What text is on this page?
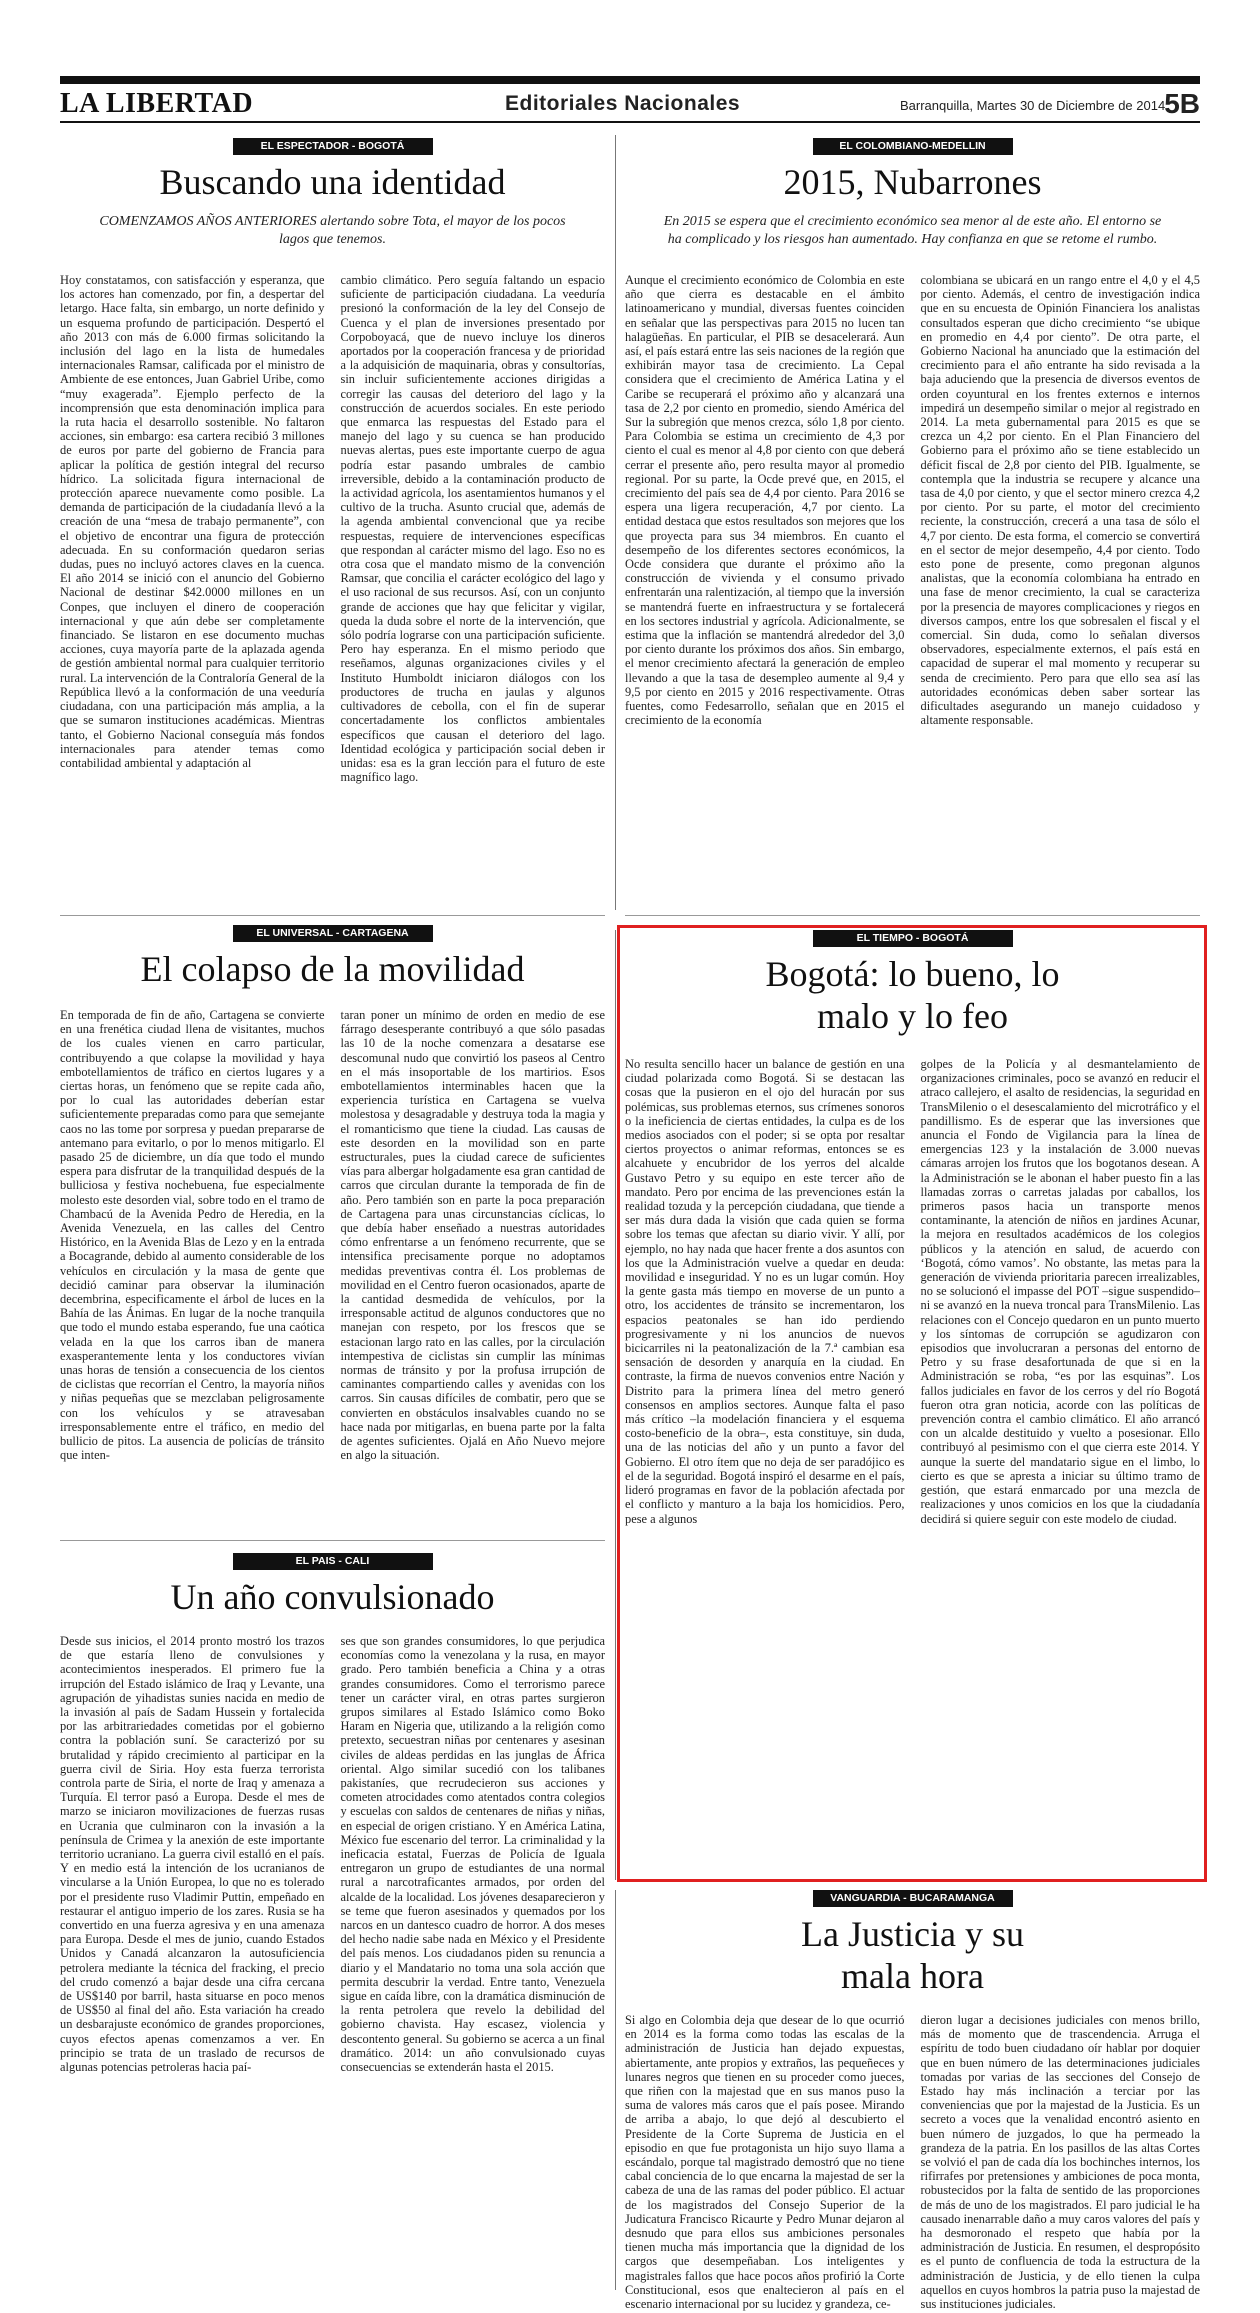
LA LIBERTAD	Editoriales Nacionales	Barranquilla, Martes 30 de Diciembre de 2014 5B
EL ESPECTADOR - BOGOTÁ
Buscando una identidad
COMENZAMOS AÑOS ANTERIORES alertando sobre Tota, el mayor de los pocos lagos que tenemos.
Hoy constatamos, con satisfacción y esperanza, que los actores han comenzado, por fin, a despertar del letargo. Hace falta, sin embargo, un norte definido y un esquema profundo de participación. Despertó el año 2013 con más de 6.000 firmas solicitando la inclusión del lago en la lista de humedales internacionales Ramsar, calificada por el ministro de Ambiente de ese entonces, Juan Gabriel Uribe, como “muy exagerada”. Ejemplo perfecto de la incomprensión que esta denominación implica para la ruta hacia el desarrollo sostenible. No faltaron acciones, sin embargo: esa cartera recibió 3 millones de euros por parte del gobierno de Francia para aplicar la política de gestión integral del recurso hídrico. La solicitada figura internacional de protección aparece nuevamente como posible. La demanda de participación de la ciudadanía llevó a la creación de una “mesa de trabajo permanente”, con el objetivo de encontrar una figura de protección adecuada. En su conformación quedaron serias dudas, pues no incluyó actores claves en la cuenca. El año 2014 se inició con el anuncio del Gobierno Nacional de destinar $42.0000 millones en un Conpes, que incluyen el dinero de cooperación internacional y que aún debe ser completamente financiado. Se listaron en ese documento muchas acciones, cuya mayoría parte de la aplazada agenda de gestión ambiental normal para cualquier territorio rural. La intervención de la Contraloría General de la República llevó a la conformación de una veeduría ciudadana, con una participación más amplia, a la que se sumaron instituciones académicas. Mientras tanto, el Gobierno Nacional conseguía más fondos internacionales para atender temas como contabilidad ambiental y adaptación al
cambio climático. Pero seguía faltando un espacio suficiente de participación ciudadana. La veeduría presionó la conformación de la ley del Consejo de Cuenca y el plan de inversiones presentado por Corpoboyacá, que de nuevo incluye los dineros aportados por la cooperación francesa y de prioridad a la adquisición de maquinaria, obras y consultorías, sin incluir suficientemente acciones dirigidas a corregir las causas del deterioro del lago y la construcción de acuerdos sociales. En este periodo que enmarca las respuestas del Estado para el manejo del lago y su cuenca se han producido nuevas alertas, pues este importante cuerpo de agua podría estar pasando umbrales de cambio irreversible, debido a la contaminación producto de la actividad agrícola, los asentamientos humanos y el cultivo de la trucha. Asunto crucial que, además de la agenda ambiental convencional que ya recibe respuestas, requiere de intervenciones específicas que respondan al carácter mismo del lago. Eso no es otra cosa que el mandato mismo de la convención Ramsar, que concilia el carácter ecológico del lago y el uso racional de sus recursos. Así, con un conjunto grande de acciones que hay que felicitar y vigilar, queda la duda sobre el norte de la intervención, que sólo podría lograrse con una participación suficiente. Pero hay esperanza. En el mismo periodo que reseñamos, algunas organizaciones civiles y el Instituto Humboldt iniciaron diálogos con los productores de trucha en jaulas y algunos cultivadores de cebolla, con el fin de superar concertadamente los conflictos ambientales específicos que causan el deterioro del lago. Identidad ecológica y participación social deben ir unidas: esa es la gran lección para el futuro de este magnífico lago.
EL COLOMBIANO-MEDELLIN
2015, Nubarrones
En 2015 se espera que el crecimiento económico sea menor al de este año. El entorno se ha complicado y los riesgos han aumentado. Hay confianza en que se retome el rumbo.
Aunque el crecimiento económico de Colombia en este año que cierra es destacable en el ámbito latinoamericano y mundial, diversas fuentes coinciden en señalar que las perspectivas para 2015 no lucen tan halagüeñas. En particular, el PIB se desacelerará. Aun así, el país estará entre las seis naciones de la región que exhibirán mayor tasa de crecimiento. La Cepal considera que el crecimiento de América Latina y el Caribe se recuperará el próximo año y alcanzará una tasa de 2,2 por ciento en promedio, siendo América del Sur la subregión que menos crezca, sólo 1,8 por ciento. Para Colombia se estima un crecimiento de 4,3 por ciento el cual es menor al 4,8 por ciento con que deberá cerrar el presente año, pero resulta mayor al promedio regional. Por su parte, la Ocde prevé que, en 2015, el crecimiento del país sea de 4,4 por ciento. Para 2016 se espera una ligera recuperación, 4,7 por ciento. La entidad destaca que estos resultados son mejores que los que proyecta para sus 34 miembros. En cuanto el desempeño de los diferentes sectores económicos, la Ocde considera que durante el próximo año la construcción de vivienda y el consumo privado enfrentarán una ralentización, al tiempo que la inversión se mantendrá fuerte en infraestructura y se fortalecerá en los sectores industrial y agrícola. Adicionalmente, se estima que la inflación se mantendrá alrededor del 3,0 por ciento durante los próximos dos años. Sin embargo, el menor crecimiento afectará la generación de empleo llevando a que la tasa de desempleo aumente al 9,4 y 9,5 por ciento en 2015 y 2016 respectivamente. Otras fuentes, como Fedesarrollo, señalan que en 2015 el crecimiento de la economía
colombiana se ubicará en un rango entre el 4,0 y el 4,5 por ciento. Además, el centro de investigación indica que en su encuesta de Opinión Financiera los analistas consultados esperan que dicho crecimiento “se ubique en promedio en 4,4 por ciento”. De otra parte, el Gobierno Nacional ha anunciado que la estimación del crecimiento para el año entrante ha sido revisada a la baja aduciendo que la presencia de diversos eventos de orden coyuntural en los frentes externos e internos impedirá un desempeño similar o mejor al registrado en 2014. La meta gubernamental para 2015 es que se crezca un 4,2 por ciento. En el Plan Financiero del Gobierno para el próximo año se tiene establecido un déficit fiscal de 2,8 por ciento del PIB. Igualmente, se contempla que la industria se recupere y alcance una tasa de 4,0 por ciento, y que el sector minero crezca 4,2 por ciento. Por su parte, el motor del crecimiento reciente, la construcción, crecerá a una tasa de sólo el 4,7 por ciento. De esta forma, el comercio se convertirá en el sector de mejor desempeño, 4,4 por ciento. Todo esto pone de presente, como pregonan algunos analistas, que la economía colombiana ha entrado en una fase de menor crecimiento, la cual se caracteriza por la presencia de mayores complicaciones y riegos en diversos campos, entre los que sobresalen el fiscal y el comercial. Sin duda, como lo señalan diversos observadores, especialmente externos, el país está en capacidad de superar el mal momento y recuperar su senda de crecimiento. Pero para que ello sea así las autoridades económicas deben saber sortear las dificultades asegurando un manejo cuidadoso y altamente responsable.
EL UNIVERSAL - CARTAGENA
El colapso de la movilidad
En temporada de fin de año, Cartagena se convierte en una frenética ciudad llena de visitantes, muchos de los cuales vienen en carro particular, contribuyendo a que colapse la movilidad y haya embotellamientos de tráfico en ciertos lugares y a ciertas horas, un fenómeno que se repite cada año, por lo cual las autoridades deberían estar suficientemente preparadas como para que semejante caos no las tome por sorpresa y puedan prepararse de antemano para evitarlo, o por lo menos mitigarlo. El pasado 25 de diciembre, un día que todo el mundo espera para disfrutar de la tranquilidad después de la bulliciosa y festiva nochebuena, fue especialmente molesto este desorden vial, sobre todo en el tramo de Chambacú de la Avenida Pedro de Heredia, en la Avenida Venezuela, en las calles del Centro Histórico, en la Avenida Blas de Lezo y en la entrada a Bocagrande, debido al aumento considerable de los vehículos en circulación y la masa de gente que decidió caminar para observar la iluminación decembrina, especificamente el árbol de luces en la Bahía de las Ánimas. En lugar de la noche tranquila que todo el mundo estaba esperando, fue una caótica velada en la que los carros iban de manera exasperantemente lenta y los conductores vivían unas horas de tensión a consecuencia de los cientos de ciclistas que recorrían el Centro, la mayoría niños y niñas pequeñas que se mezclaban peligrosamente con los vehículos y se atravesaban irresponsablemente entre el tráfico, en medio del bullicio de pitos. La ausencia de policías de tránsito que inten-
taran poner un mínimo de orden en medio de ese fárrago desesperante contribuyó a que sólo pasadas las 10 de la noche comenzara a desatarse ese descomunal nudo que convirtió los paseos al Centro en el más insoportable de los martirios. Esos embotellamientos interminables hacen que la experiencia turística en Cartagena se vuelva molestosa y desagradable y destruya toda la magia y el romanticismo que tiene la ciudad. Las causas de este desorden en la movilidad son en parte estructurales, pues la ciudad carece de suficientes vías para albergar holgadamente esa gran cantidad de carros que circulan durante la temporada de fin de año. Pero también son en parte la poca preparación de Cartagena para unas circunstancias cíclicas, lo que debía haber enseñado a nuestras autoridades cómo enfrentarse a un fenómeno recurrente, que se intensifica precisamente porque no adoptamos medidas preventivas contra él. Los problemas de movilidad en el Centro fueron ocasionados, aparte de la cantidad desmedida de vehículos, por la irresponsable actitud de algunos conductores que no manejan con respeto, por los frescos que se estacionan largo rato en las calles, por la circulación intempestiva de ciclistas sin cumplir las mínimas normas de tránsito y por la profusa irrupción de caminantes compartiendo calles y avenidas con los carros. Sin causas difíciles de combatir, pero que se convierten en obstáculos insalvables cuando no se hace nada por mitigarlas, en buena parte por la falta de agentes suficientes. Ojalá en Año Nuevo mejore en algo la situación.
EL TIEMPO - BOGOTÁ
Bogotá: lo bueno, lo malo y lo feo
No resulta sencillo hacer un balance de gestión en una ciudad polarizada como Bogotá. Si se destacan las cosas que la pusieron en el ojo del huracán por sus polémicas, sus problemas eternos, sus crímenes sonoros o la ineficiencia de ciertas entidades, la culpa es de los medios asociados con el poder; si se opta por resaltar ciertos proyectos o animar reformas, entonces se es alcahuete y encubridor de los yerros del alcalde Gustavo Petro y su equipo en este tercer año de mandato. Pero por encima de las prevenciones están la realidad tozuda y la percepción ciudadana, que tiende a ser más dura dada la visión que cada quien se forma sobre los temas que afectan su diario vivir. Y allí, por ejemplo, no hay nada que hacer frente a dos asuntos con los que la Administración vuelve a quedar en deuda: movilidad e inseguridad. Y no es un lugar común. Hoy la gente gasta más tiempo en moverse de un punto a otro, los accidentes de tránsito se incrementaron, los espacios peatonales se han ido perdiendo progresivamente y ni los anuncios de nuevos bicicarriles ni la peatonalización de la 7.ª cambian esa sensación de desorden y anarquía en la ciudad. En contraste, la firma de nuevos convenios entre Nación y Distrito para la primera línea del metro generó consensos en amplios sectores. Aunque falta el paso más crítico –la modelación financiera y el esquema costo-beneficio de la obra–, esta constituye, sin duda, una de las noticias del año y un punto a favor del Gobierno. El otro ítem que no deja de ser paradójico es el de la seguridad. Bogotá inspiró el desarme en el país, lideró programas en favor de la población afectada por el conflicto y manturo a la baja los homicidios. Pero, pese a algunos
golpes de la Policía y al desmantelamiento de organizaciones criminales, poco se avanzó en reducir el atraco callejero, el asalto de residencias, la seguridad en TransMilenio o el desescalamiento del microtráfico y el pandillismo. Es de esperar que las inversiones que anuncia el Fondo de Vigilancia para la línea de emergencias 123 y la instalación de 3.000 nuevas cámaras arrojen los frutos que los bogotanos desean. A la Administración se le abonan el haber puesto fin a las llamadas zorras o carretas jaladas por caballos, los primeros pasos hacia un transporte menos contaminante, la atención de niños en jardines Acunar, la mejora en resultados académicos de los colegios públicos y la atención en salud, de acuerdo con ‘Bogotá, cómo vamos’. No obstante, las metas para la generación de vivienda prioritaria parecen irrealizables, no se solucionó el impasse del POT –sigue suspendido– ni se avanzó en la nueva troncal para TransMilenio. Las relaciones con el Concejo quedaron en un punto muerto y los síntomas de corrupción se agudizaron con episodios que involucraran a personas del entorno de Petro y su frase desafortunada de que si en la Administración se roba, “es por las esquinas”. Los fallos judiciales en favor de los cerros y del río Bogotá fueron otra gran noticia, acorde con las políticas de prevención contra el cambio climático. El año arrancó con un alcalde destituido y vuelto a posesionar. Ello contribuyó al pesimismo con el que cierra este 2014. Y aunque la suerte del mandatario sigue en el limbo, lo cierto es que se apresta a iniciar su último tramo de gestión, que estará enmarcado por una mezcla de realizaciones y unos comicios en los que la ciudadanía decidirá si quiere seguir con este modelo de ciudad.
EL PAIS - CALI
Un año convulsionado
Desde sus inicios, el 2014 pronto mostró los trazos de que estaría lleno de convulsiones y acontecimientos inesperados. El primero fue la irrupción del Estado islámico de Iraq y Levante, una agrupación de yihadistas sunies nacida en medio de la invasión al país de Sadam Hussein y fortalecida por las arbitrariedades cometidas por el gobierno contra la población suní. Se caracterizó por su brutalidad y rápido crecimiento al participar en la guerra civil de Siria. Hoy esta fuerza terrorista controla parte de Siria, el norte de Iraq y amenaza a Turquía. El terror pasó a Europa. Desde el mes de marzo se iniciaron movilizaciones de fuerzas rusas en Ucrania que culminaron con la invasión a la península de Crimea y la anexión de este importante territorio ucraniano. La guerra civil estalló en el país. Y en medio está la intención de los ucranianos de vincularse a la Unión Europea, lo que no es tolerado por el presidente ruso Vladimir Puttin, empeñado en restaurar el antiguo imperio de los zares. Rusia se ha convertido en una fuerza agresiva y en una amenaza para Europa. Desde el mes de junio, cuando Estados Unidos y Canadá alcanzaron la autosuficiencia petrolera mediante la técnica del fracking, el precio del crudo comenzó a bajar desde una cifra cercana de US$140 por barril, hasta situarse en poco menos de US$50 al final del año. Esta variación ha creado un desbarajuste económico de grandes proporciones, cuyos efectos apenas comenzamos a ver. En principio se trata de un traslado de recursos de algunas potencias petroleras hacia paí-
ses que son grandes consumidores, lo que perjudica economías como la venezolana y la rusa, en mayor grado. Pero también beneficia a China y a otras grandes consumidores. Como el terrorismo parece tener un carácter viral, en otras partes surgieron grupos similares al Estado Islámico como Boko Haram en Nigeria que, utilizando a la religión como pretexto, secuestran niñas por centenares y asesinan civiles de aldeas perdidas en las junglas de África oriental. Algo similar sucedió con los talibanes pakistaníes, que recrudecieron sus acciones y cometen atrocidades como atentados contra colegios y escuelas con saldos de centenares de niñas y niñas, en especial de origen cristiano. Y en América Latina, México fue escenario del terror. La criminalidad y la ineficacia estatal, Fuerzas de Policía de Iguala entregaron un grupo de estudiantes de una normal rural a narcotraficantes armados, por orden del alcalde de la localidad. Los jóvenes desaparecieron y se teme que fueron asesinados y quemados por los narcos en un dantesco cuadro de horror. A dos meses del hecho nadie sabe nada en México y el Presidente del país menos. Los ciudadanos piden su renuncia a diario y el Mandatario no toma una sola acción que permita descubrir la verdad. Entre tanto, Venezuela sigue en caída libre, con la dramática disminución de la renta petrolera que revelo la debilidad del gobierno chavista. Hay escasez, violencia y descontento general. Su gobierno se acerca a un final dramático. 2014: un año convulsionado cuyas consecuencias se extenderán hasta el 2015.
VANGUARDIA - BUCARAMANGA
La Justicia y su mala hora
Si algo en Colombia deja que desear de lo que ocurrió en 2014 es la forma como todas las escalas de la administración de Justicia han dejado expuestas, abiertamente, ante propios y extraños, las pequeñeces y lunares negros que tienen en su proceder como jueces, que riñen con la majestad que en sus manos puso la suma de valores más caros que el país posee. Mirando de arriba a abajo, lo que dejó al descubierto el Presidente de la Corte Suprema de Justicia en el episodio en que fue protagonista un hijo suyo llama a escándalo, porque tal magistrado demostró que no tiene cabal conciencia de lo que encarna la majestad de ser la cabeza de una de las ramas del poder público. El actuar de los magistrados del Consejo Superior de la Judicatura Francisco Ricaurte y Pedro Munar dejaron al desnudo que para ellos sus ambiciones personales tienen mucha más importancia que la dignidad de los cargos que desempeñaban. Los inteligentes y magistrales fallos que hace pocos años profirió la Corte Constitucional, esos que enaltecieron al país en el escenario internacional por su lucidez y grandeza, ce-
dieron lugar a decisiones judiciales con menos brillo, más de momento que de trascendencia. Arruga el espíritu de todo buen ciudadano oír hablar por doquier que en buen número de las determinaciones judiciales tomadas por varias de las secciones del Consejo de Estado hay más inclinación a terciar por las conveniencias que por la majestad de la Justicia. Es un secreto a voces que la venalidad encontró asiento en buen número de juzgados, lo que ha permeado la grandeza de la patria. En los pasillos de las altas Cortes se volvió el pan de cada día los bochinches internos, los rifirrafes por pretensiones y ambiciones de poca monta, robustecidos por la falta de sentido de las proporciones de más de uno de los magistrados. El paro judicial le ha causado inenarrable daño a muy caros valores del país y ha desmoronado el respeto que había por la administración de Justicia. En resumen, el despropósito es el punto de confluencia de toda la estructura de la administración de Justicia, y de ello tienen la culpa aquellos en cuyos hombros la patria puso la majestad de sus instituciones judiciales.
